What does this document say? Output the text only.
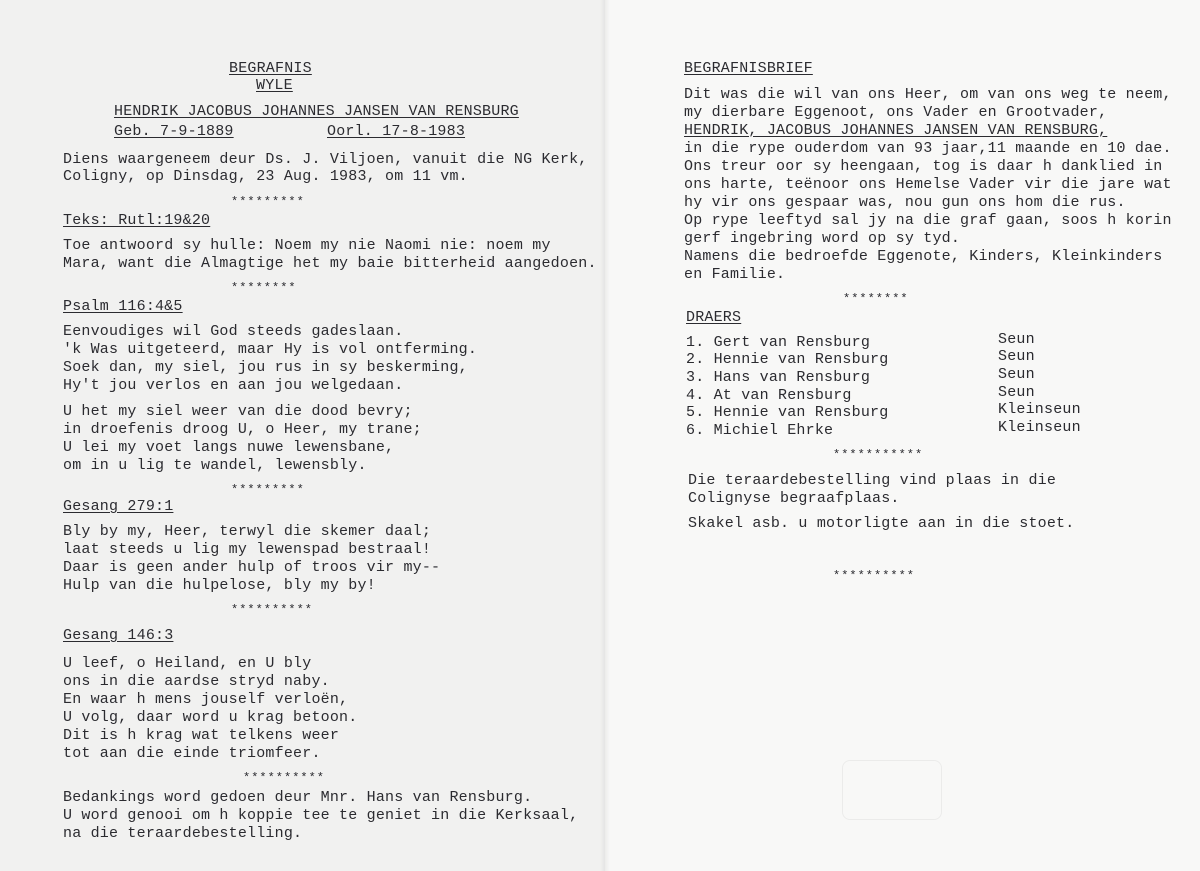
BEGRAFNIS
WYLE
HENDRIK JACOBUS JOHANNES JANSEN VAN RENSBURG
Geb. 7-9-1889	Oorl. 17-8-1983
Diens waargeneem deur Ds. J. Viljoen, vanuit die NG Kerk,
Coligny, op Dinsdag, 23 Aug. 1983, om 11 vm.
*********
Teks: Rutl:19&20
Toe antwoord sy hulle: Noem my nie Naomi nie: noem my
Mara, want die Almagtige het my baie bitterheid aangedoen.
********
Psalm 116:4&5
Eenvoudiges wil God steeds gadeslaan.
'k Was uitgeteerd, maar Hy is vol ontferming.
Soek dan, my siel, jou rus in sy beskerming,
Hy't jou verlos en aan jou welgedaan.
U het my siel weer van die dood bevry;
in droefenis droog U, o Heer, my trane;
U lei my voet langs nuwe lewensbane,
om in u lig te wandel, lewensbly.
*********
Gesang 279:1
Bly by my, Heer, terwyl die skemer daal;
laat steeds u lig my lewenspad bestraal!
Daar is geen ander hulp of troos vir my--
Hulp van die hulpelose, bly my by!
**********
Gesang 146:3
U leef, o Heiland, en U bly
ons in die aardse stryd naby.
En waar h mens jouself verloën,
U volg, daar word u krag betoon.
Dit is h krag wat telkens weer
tot aan die einde triomfeer.
**********
Bedankings word gedoen deur Mnr. Hans van Rensburg.
U word genooi om h koppie tee te geniet in die Kerksaal,
na die teraardebestelling.
BEGRAFNISBRIEF
Dit was die wil van ons Heer, om van ons weg te neem,
my dierbare Eggenoot, ons Vader en Grootvader,
HENDRIK, JACOBUS JOHANNES JANSEN VAN RENSBURG,
in die rype ouderdom van 93 jaar,11 maande en 10 dae.
Ons treur oor sy heengaan, tog is daar h danklied in
ons harte, teënoor ons Hemelse Vader vir die jare wat
hy vir ons gespaar was, nou gun ons hom die rus.
Op rype leeftyd sal jy na die graf gaan, soos h korin
gerf ingebring word op sy tyd.
Namens die bedroefde Eggenote, Kinders, Kleinkinders
en Familie.
********
DRAERS
1. Gert van Rensburg	Seun
2. Hennie van Rensburg	Seun
3. Hans van Rensburg	Seun
4. At van Rensburg	Seun
5. Hennie van Rensburg	Kleinseun
6. Michiel Ehrke	Kleinseun
***********
Die teraardebestelling vind plaas in die
Colignyse begraafplaas.
Skakel asb. u motorligte aan in die stoet.
**********
